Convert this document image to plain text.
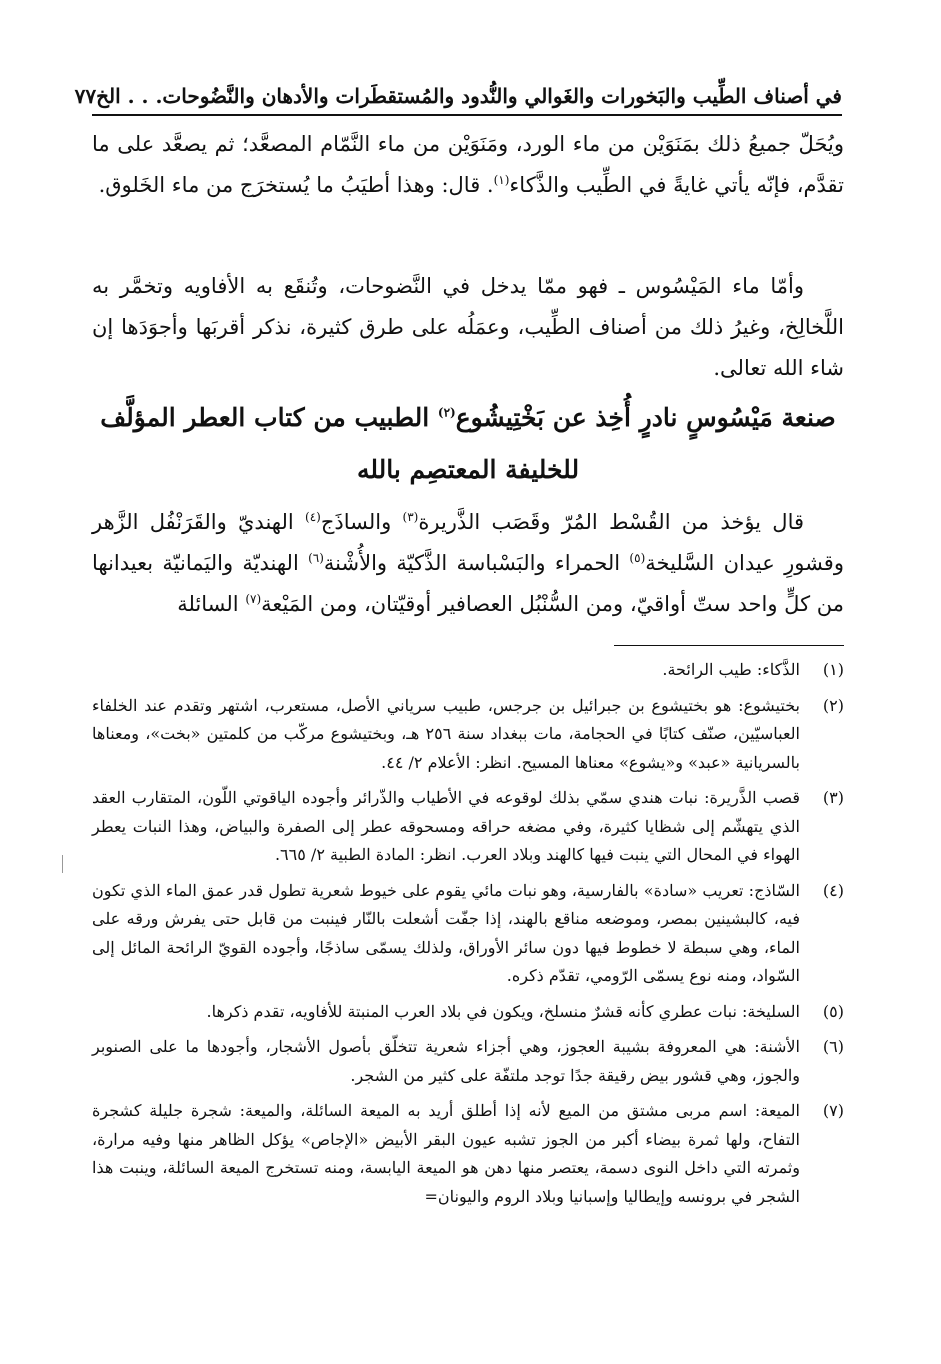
في أصناف الطِّيب والبَخورات والغَوالي والنُّدود والمُستقطَرات والأدهان والنَّضُوحات. . . الخ
٧٧

ويُحَلّ جميعُ ذلك بمَنَوَيْن من ماء الورد، ومَنَوَيْن من ماء النَّمّام المصعَّد؛ ثم يصعَّد على ما تقدَّم، فإنّه يأتي غايةً في الطِّيب والذَّكاء$^{(١)}$. قال: وهذا أطيَبُ ما يُستخرَج من ماء الخَلوق.

وأمّا ماء المَيْسُوس ـ فهو ممّا يدخل في النَّضوحات، وتُنقَع به الأفاويه وتخمَّر به اللَّخالِخ، وغيرُ ذلك من أصناف الطِّيب، وعمَلُه على طرق كثيرة، نذكر أقربَها وأجوَدَها إن شاء الله تعالى.

صنعة مَيْسُوسٍ نادرٍ أُخِذ عن بَخْتِيشُوع$^{(٢)}$ الطبيب من كتاب العطر المؤلَّف للخليفة المعتصِم بالله

قال يؤخذ من القُسْط المُرّ وقَصَب الذَّريرة$^{(٣)}$ والساذَج$^{(٤)}$ الهنديّ والقَرَنْفُل الزَّهر وقشورِ عيدان السَّليخة$^{(٥)}$ الحمراء والبَسْباسة الذَّكيّة والأُشْنة$^{(٦)}$ الهنديّة واليَمانيّة بعيدانها من كلٍّ واحد ستّ أواقيّ، ومن السُّنْبُل العصافير أوقيّتان، ومن المَيْعة$^{(٧)}$ السائلة

(١)
الذَّكاء: طيب الرائحة.
(٢)
بختيشوع: هو بختيشوع بن جبرائيل بن جرجس، طبيب سرياني الأصل، مستعرب، اشتهر وتقدم عند الخلفاء العباسيّين، صنّف كتابًا في الحجامة، مات ببغداد سنة ٢٥٦ هـ، وبختيشوع مركّب من كلمتين «بخت»، ومعناها بالسريانية «عبد» و«يشوع» معناها المسيح. انظر: الأعلام ٢/ ٤٤.
(٣)
قصب الذَّريرة: نبات هندي سمّي بذلك لوقوعه في الأطياب والذّرائر وأجوده الياقوتي اللّون، المتقارب العقد الذي يتهشّم إلى شظايا كثيرة، وفي مضغه حراقه ومسحوقه عطر إلى الصفرة والبياض، وهذا النبات يعطر الهواء في المحال التي ينبت فيها كالهند وبلاد العرب. انظر: المادة الطبية ٢/ ٦٦٥.
(٤)
السّاذج: تعريب «سادة» بالفارسية، وهو نبات مائي يقوم على خيوط شعرية تطول قدر عمق الماء الذي تكون فيه، كالبشينين بمصر، وموضعه مناقع بالهند، إذا جفّت أشعلت بالنّار فينبت من قابل حتى يفرش ورقه على الماء، وهي سبطة لا خطوط فيها دون سائر الأوراق، ولذلك يسمّى ساذجًا، وأجوده القويّ الرائحة المائل إلى السّواد، ومنه نوع يسمّى الرّومي، تقدّم ذكره.
(٥)
السليخة: نبات عطري كأنه قشرٌ منسلخ، ويكون في بلاد العرب المنبتة للأفاويه، تقدم ذكرها.
(٦)
الأشنة: هي المعروفة بشيبة العجوز، وهي أجزاء شعرية تتخلّق بأصول الأشجار، وأجودها ما على الصنوبر والجوز، وهي قشور بيض رقيقة جدًا توجد ملتفّة على كثير من الشجر.
(٧)
الميعة: اسم مربى مشتق من الميع لأنه إذا أطلق أريد به الميعة السائلة، والميعة: شجرة جليلة كشجرة التفاح، ولها ثمرة بيضاء أكبر من الجوز تشبه عيون البقر الأبيض «الإجاص» يؤكل الظاهر منها وفيه مرارة، وثمرته التي داخل النوى دسمة، يعتصر منها دهن هو الميعة اليابسة، ومنه تستخرج الميعة السائلة، وينبت هذا الشجر في برونسه وإيطاليا وإسبانيا وبلاد الروم واليونان=
